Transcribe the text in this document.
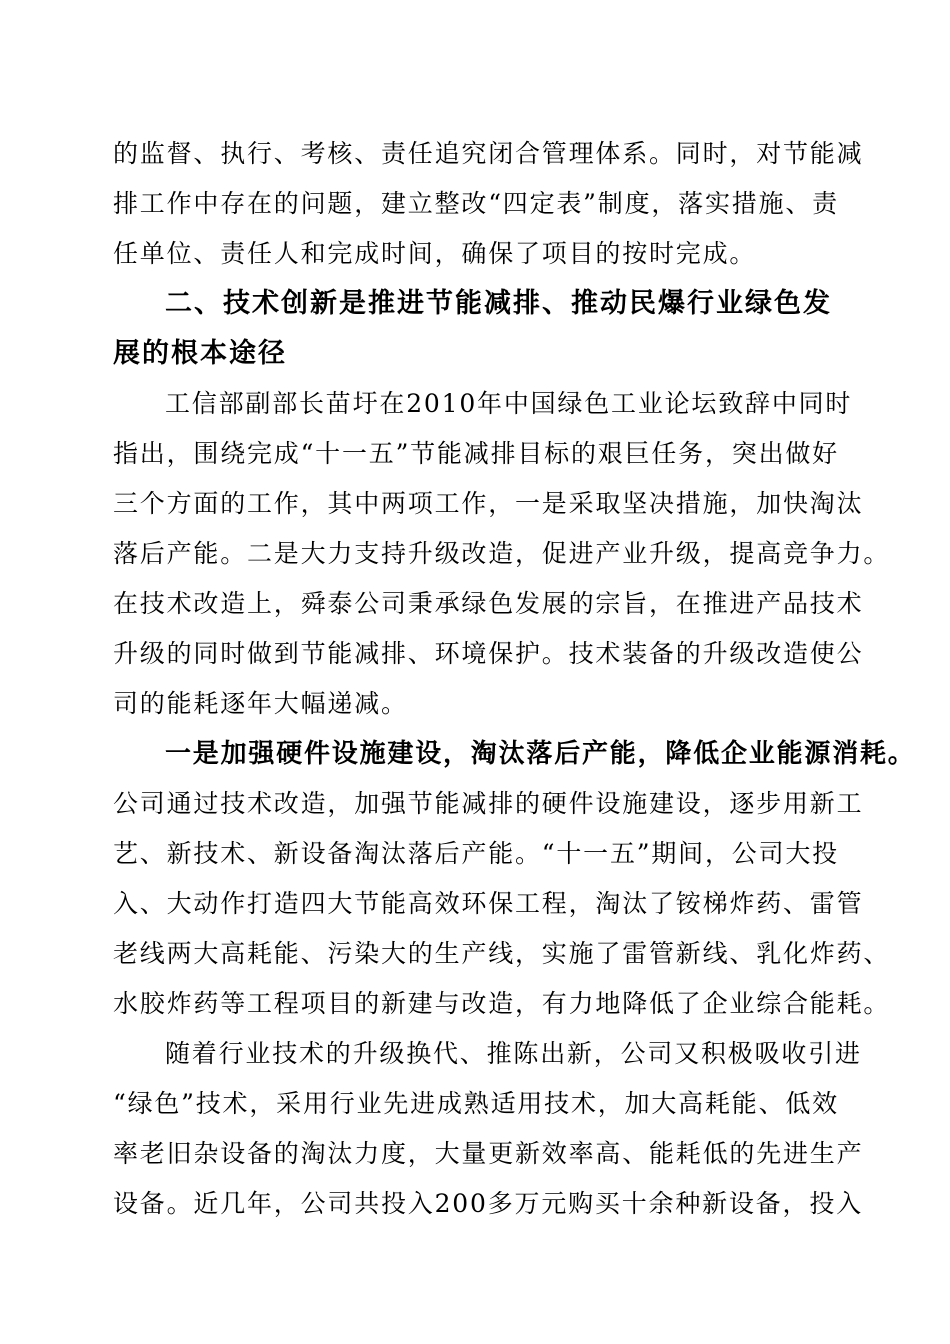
的监督、执行、考核、责任追究闭合管理体系。同时，对节能减
排工作中存在的问题，建立整改“四定表”制度，落实措施、责
任单位、责任人和完成时间，确保了项目的按时完成。
二、技术创新是推进节能减排、推动民爆行业绿色发
展的根本途径
工信部副部长苗圩在2010年中国绿色工业论坛致辞中同时
指出，围绕完成“十一五”节能减排目标的艰巨任务，突出做好
三个方面的工作，其中两项工作，一是采取坚决措施，加快淘汰
落后产能。二是大力支持升级改造，促进产业升级，提高竞争力。
在技术改造上，舜泰公司秉承绿色发展的宗旨，在推进产品技术
升级的同时做到节能减排、环境保护。技术装备的升级改造使公
司的能耗逐年大幅递减。
一是加强硬件设施建设，淘汰落后产能，降低企业能源消耗。
公司通过技术改造，加强节能减排的硬件设施建设，逐步用新工
艺、新技术、新设备淘汰落后产能。“十一五”期间，公司大投
入、大动作打造四大节能高效环保工程，淘汰了铵梯炸药、雷管
老线两大高耗能、污染大的生产线，实施了雷管新线、乳化炸药、
水胶炸药等工程项目的新建与改造，有力地降低了企业综合能耗。
随着行业技术的升级换代、推陈出新，公司又积极吸收引进
“绿色”技术，采用行业先进成熟适用技术，加大高耗能、低效
率老旧杂设备的淘汰力度，大量更新效率高、能耗低的先进生产
设备。近几年，公司共投入200多万元购买十余种新设备，投入
